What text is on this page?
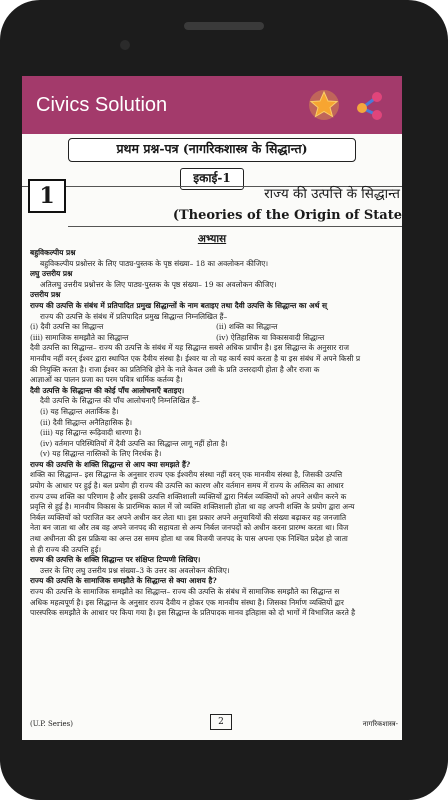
Civics Solution
प्रथम प्रश्न-पत्र (नागरिकशास्त्र के सिद्धान्त)
इकाई-1
1	राज्य की उत्पत्ति के सिद्धान्त
(Theories of the Origin of State
अभ्यास
बहुविकल्पीय प्रश्न
बहुविकल्पीय प्रश्नोत्तर के लिए पाठ्य-पुस्तक के पृष्ठ संख्या– 18 का अवलोकन कीजिए।
लघु उत्तरीय प्रश्न
अतिलघु उत्तरीय प्रश्नोत्तर के लिए पाठ्य-पुस्तक के पृष्ठ संख्या– 19 का अवलोकन कीजिए।
उत्तरीय प्रश्न
राज्य की उत्पत्ति के संबंध में प्रतिपादित प्रमुख सिद्धान्तों के नाम बताइए तथा दैवी उत्पत्ति के सिद्धान्त का अर्थ स्
राज्य की उत्पत्ति के संबंध में प्रतिपादित प्रमुख सिद्धान्त निम्नलिखित हैं–
(i) दैवी उत्पत्ति का सिद्धान्त	(ii) शक्ति का सिद्धान्त
(iii) सामाजिक समझौते का सिद्धान्त	(iv) ऐतिहासिक या विकासवादी सिद्धान्त
दैवी उत्पत्ति का सिद्धान्त– राज्य की उत्पत्ति के संबंध में यह सिद्धान्त सबसे अधिक प्राचीन है। इस सिद्धान्त के अनुसार राज
मानवीय नहीं वरन् ईश्वर द्वारा स्थापित एक दैवीय संस्था है। ईश्वर या तो यह कार्य स्वयं करता है या इस संबंध में अपने किसी प्र
की नियुक्ति करता है। राजा ईश्वर का प्रतिनिधि होने के नाते केवल उसी के प्रति उत्तरदायी होता है और राजा क
आज्ञाओं का पालन प्रजा का परम पवित्र धार्मिक कर्तव्य है।
दैवी उत्पत्ति के सिद्धान्त की कोई पाँच आलोचनाएँ बताइए।
दैवी उत्पत्ति के सिद्धान्त की पाँच आलोचनाएँ निम्नलिखित हैं–
(i) यह सिद्धान्त अतार्किक है।
(ii) दैवी सिद्धान्त अनैतिहासिक है।
(iii) यह सिद्धान्त रूढ़िवादी धारणा है।
(iv) वर्तमान परिस्थितियों में दैवी उत्पत्ति का सिद्धान्त लागू नहीं होता है।
(v) यह सिद्धान्त नास्तिकों के लिए निरर्थक है।
राज्य की उत्पत्ति के शक्ति सिद्धान्त से आप क्या समझते हैं?
शक्ति का सिद्धान्त– इस सिद्धान्त के अनुसार राज्य एक ईश्वरीय संस्था नहीं वरन् एक मानवीय संस्था है, जिसकी उत्पत्ति
प्रयोग के आधार पर हुई है। बल प्रयोग ही राज्य की उत्पत्ति का कारण और वर्तमान समय में राज्य के अस्तित्व का आधार
राज्य उच्च शक्ति का परिणाम है और इसकी उत्पत्ति शक्तिशाली व्यक्तियों द्वारा निर्बल व्यक्तियों को अपने अधीन करने क
प्रवृत्ति से हुई है। मानवीय विकास के प्रारम्भिक काल में जो व्यक्ति शक्तिशाली होता था वह अपनी शक्ति के प्रयोग द्वारा अन्य
निर्बल व्यक्तियों को पराजित कर अपने अधीन कर लेता था। इस प्रकार अपने अनुयायियों की संख्या बढ़ाकर वह जनजाति
नेता बन जाता था और तब वह अपने जनपद की सहायता से अन्य निर्बल जनपदों को अधीन करना प्रारम्भ करता था। विज
तथा अधीनता की इस प्रक्रिया का अन्त उस समय होता था जब विजयी जनपद के पास अपना एक निश्चित प्रदेश हो जाता
से ही राज्य की उत्पत्ति हुई।
राज्य की उत्पत्ति के शक्ति सिद्धान्त पर संक्षिप्त टिप्पणी लिखिए।
उत्तर के लिए लघु उत्तरीय प्रश्न संख्या–3 के उत्तर का अवलोकन कीजिए।
राज्य की उत्पत्ति के सामाजिक समझौते के सिद्धान्त से क्या आशय है?
राज्य की उत्पत्ति के सामाजिक समझौते का सिद्धान्त– राज्य की उत्पत्ति के संबंध में सामाजिक समझौते का सिद्धान्त स
अधिक महत्वपूर्ण है। इस सिद्धान्त के अनुसार राज्य दैवीय न होकर एक मानवीय संस्था है। जिसका निर्माण व्यक्तियों द्वार
पारस्परिक समझौते के आधार पर किया गया है। इस सिद्धान्त के प्रतिपादक मानव इतिहास को दो भागों में विभाजित करते है
(U.P. Series)	2	नागरिकशास्त्र-
